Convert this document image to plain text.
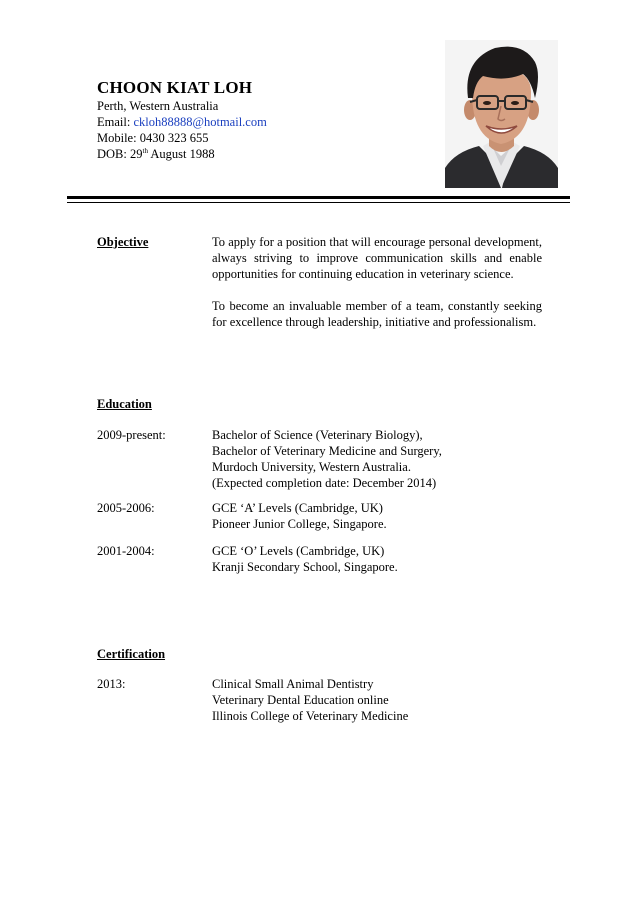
CHOON KIAT LOH
Perth, Western Australia
Email: ckloh88888@hotmail.com
Mobile: 0430 323 655
DOB: 29th August 1988
Objective	To apply for a position that will encourage personal development, always striving to improve communication skills and enable opportunities for continuing education in veterinary science.

To become an invaluable member of a team, constantly seeking for excellence through leadership, initiative and professionalism.

Education
2009-present:	Bachelor of Science (Veterinary Biology),
Bachelor of Veterinary Medicine and Surgery,
Murdoch University, Western Australia.
(Expected completion date: December 2014)
2005-2006:	GCE ‘A’ Levels (Cambridge, UK)
Pioneer Junior College, Singapore.
2001-2004:	GCE ‘O’ Levels (Cambridge, UK)
Kranji Secondary School, Singapore.
Certification
2013:	Clinical Small Animal Dentistry
Veterinary Dental Education online
Illinois College of Veterinary Medicine
